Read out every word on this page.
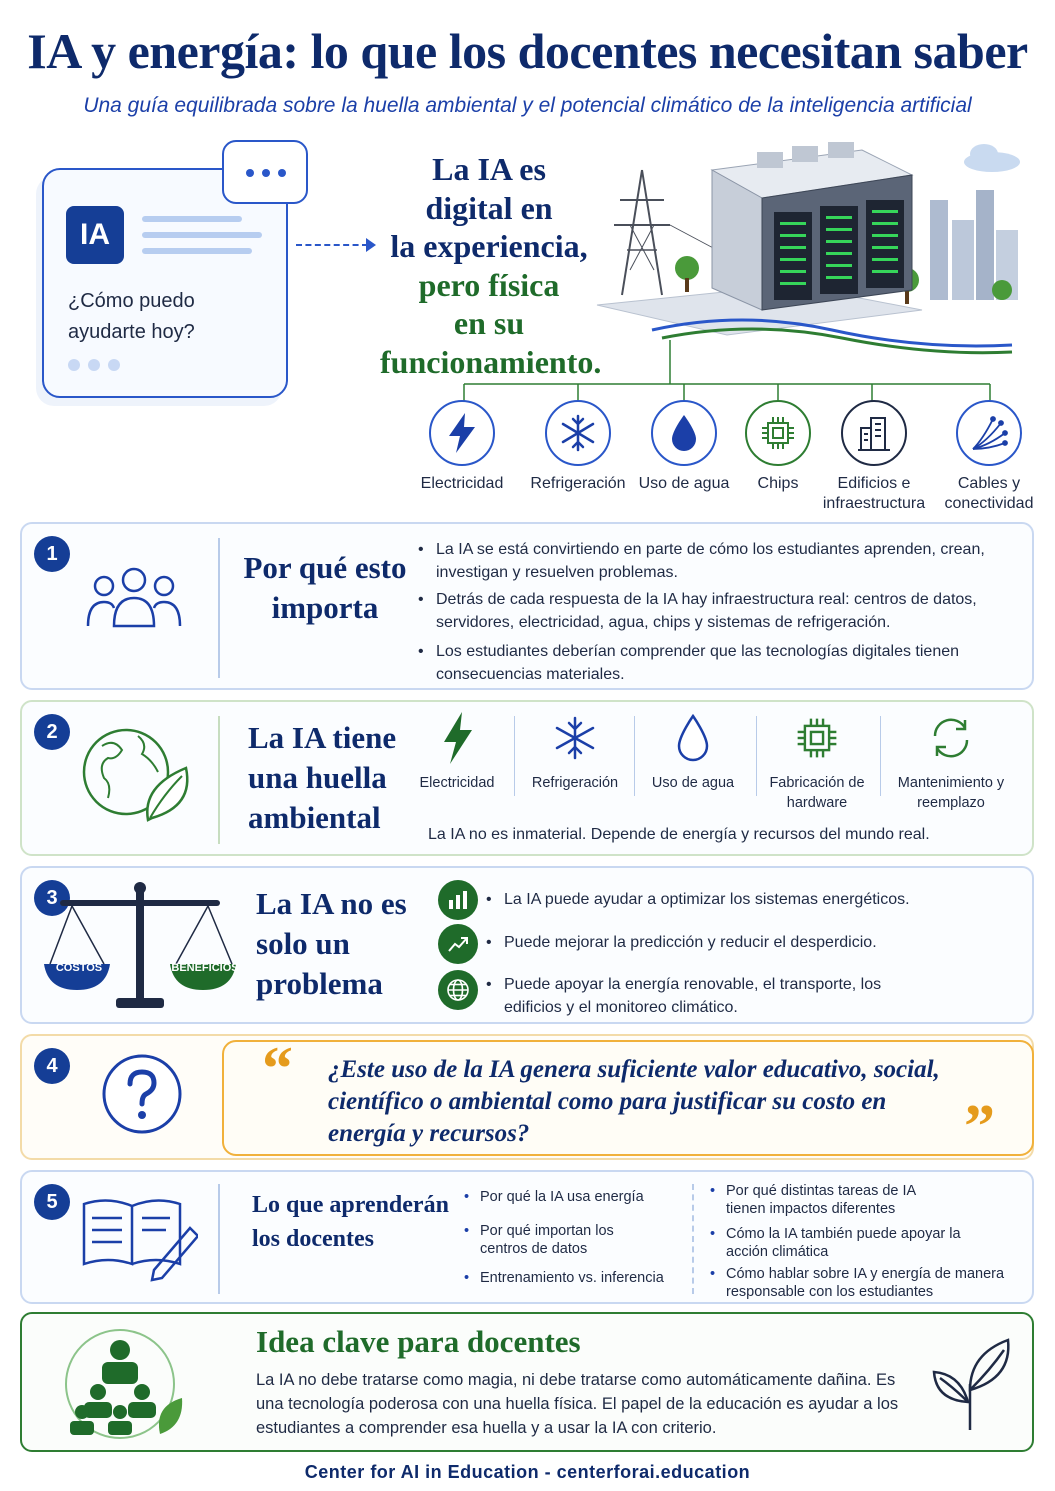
IA y energía: lo que los docentes necesitan saber
Una guía equilibrada sobre la huella ambiental y el potencial climático de la inteligencia artificial
IA
¿Cómo puedo ayudarte hoy?
La IA es
digital en
la experiencia,
pero física
en su
funcionamiento.
Electricidad	Refrigeración Uso de agua	Chips	Edificios e infraestructura
Cables y conectividad
1	Por qué esto importa
• La IA se está convirtiendo en parte de cómo los estudiantes aprenden, crean, investigan y resuelven problemas.
• Detrás de cada respuesta de la IA hay infraestructura real: centros de datos, servidores, electricidad, agua, chips y sistemas de refrigeración.
• Los estudiantes deberían comprender que las tecnologías digitales tienen consecuencias materiales.
2	La IA tiene una huella ambiental
Electricidad	Refrigeración	Uso de agua	Fabricación de hardware
Mantenimiento y reemplazo
La IA no es inmaterial. Depende de energía y recursos del mundo real.
3
COSTOS	BENEFICIOS
La IA no es solo un problema
• La IA puede ayudar a optimizar los sistemas energéticos.
• Puede mejorar la predicción y reducir el desperdicio.
• Puede apoyar la energía renovable, el transporte, los edificios y el monitoreo climático.
4	“ ¿Este uso de la IA genera suficiente valor educativo, social, científico o ambiental como para justificar su costo en energía y recursos?	”
5	Lo que aprenderán los docentes
• Por qué la IA usa energía
• Por qué importan los centros de datos
• Entrenamiento vs. inferencia
• Por qué distintas tareas de IA tienen impactos diferentes
• Cómo la IA también puede apoyar la acción climática
• Cómo hablar sobre IA y energía de manera responsable con los estudiantes
Idea clave para docentes
La IA no debe tratarse como magia, ni debe tratarse como automáticamente dañina. Es una tecnología poderosa con una huella física. El papel de la educación es ayudar a los estudiantes a comprender esa huella y a usar la IA con criterio.
Center for AI in Education - centerforai.education
